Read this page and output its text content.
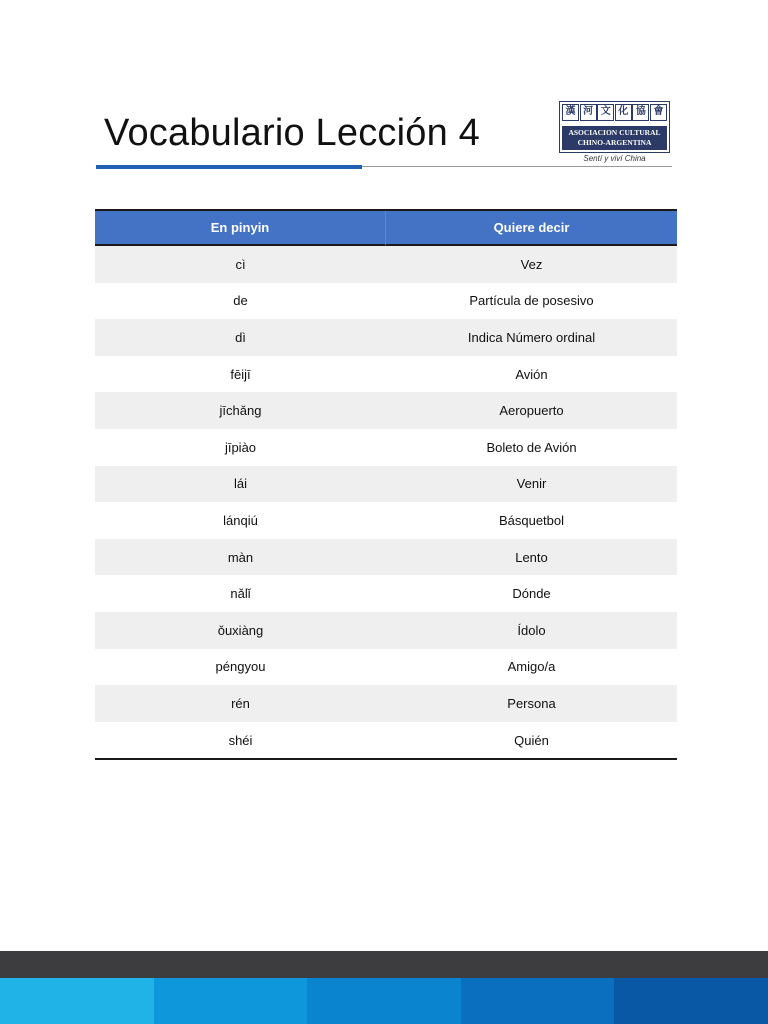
Vocabulario Lección 4
漢 河 文 化 協 會
ASOCIACION CULTURAL
CHINO-ARGENTINA
Sentí y viví China
En pinyin	Quiere decir
cì	Vez
de	Partícula de posesivo
dì	Indica Número ordinal
fēijī	Avión
jīchǎng	Aeropuerto
jīpiào	Boleto de Avión
lái	Venir
lánqiú	Básquetbol
màn	Lento
nǎlǐ	Dónde
ǒuxiàng	Ídolo
péngyou	Amigo/a
rén	Persona
shéi	Quién
